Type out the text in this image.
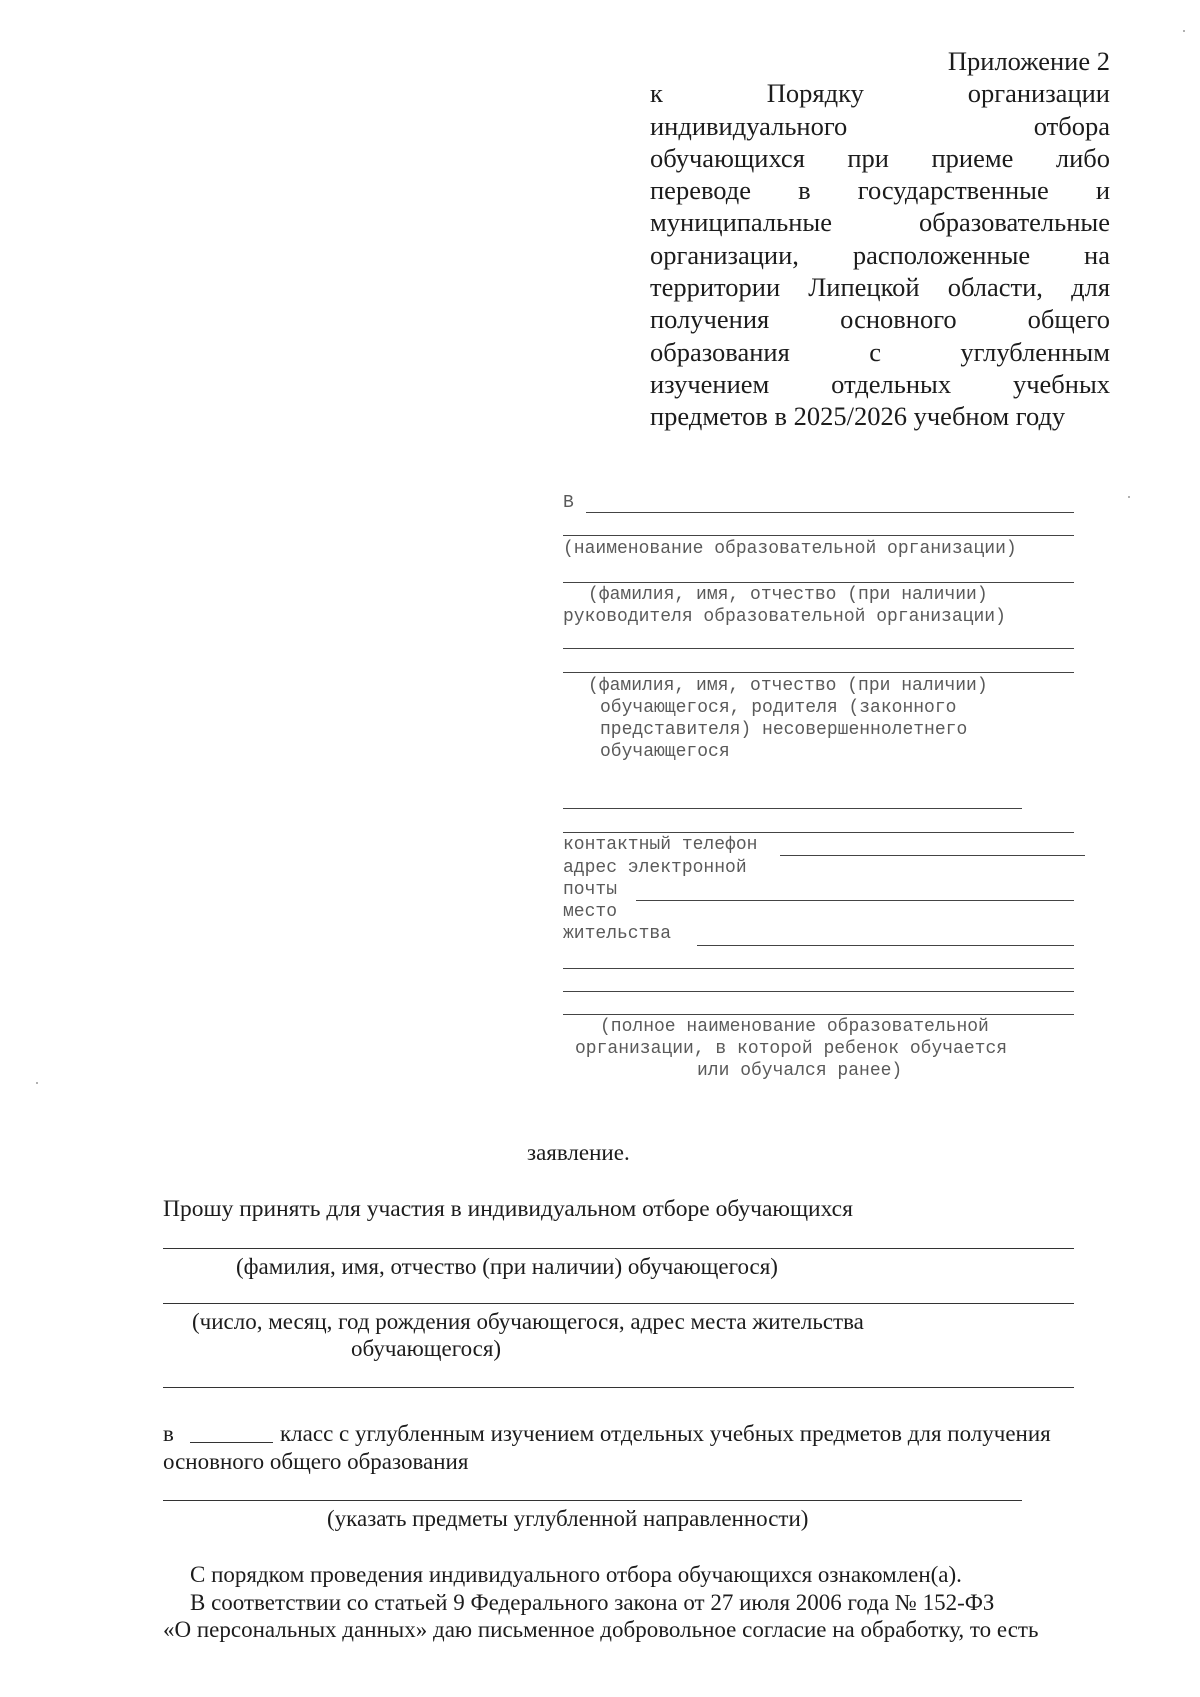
Приложение 2
к	Порядку	организации
индивидуального	отбора
обучающихся при приеме либо
переводе в государственные и
муниципальные	образовательные
организации, расположенные на
территории Липецкой области, для
получения	основного	общего
образования	с	углубленным
изучением отдельных учебных
предметов в 2025/2026 учебном году
В
(наименование образовательной организации)
(фамилия, имя, отчество (при наличии)
руководителя образовательной организации)
(фамилия, имя, отчество (при наличии)
обучающегося, родителя (законного
представителя) несовершеннолетнего
обучающегося
контактный телефон
адрес электронной
почты
место
жительства
(полное наименование образовательной
организации, в которой ребенок обучается
или обучался ранее)
заявление.
Прошу принять для участия в индивидуальном отборе обучающихся
(фамилия, имя, отчество (при наличии) обучающегося)
(число, месяц, год рождения обучающегося, адрес места жительства
обучающегося)
в	класс с углубленным изучением отдельных учебных предметов для получения
основного общего образования
(указать предметы углубленной направленности)
С порядком проведения индивидуального отбора обучающихся ознакомлен(а).
В соответствии со статьей 9 Федерального закона от 27 июля 2006 года № 152-ФЗ
«О персональных данных» даю письменное добровольное согласие на обработку, то есть
